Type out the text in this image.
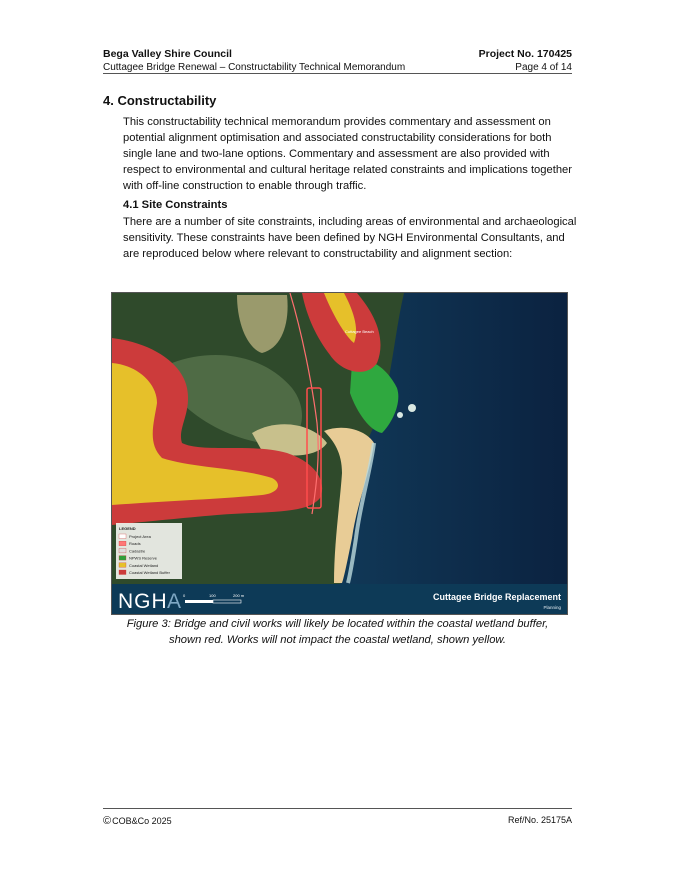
Bega Valley Shire Council	Project No. 170425
Cuttagee Bridge Renewal – Constructability Technical Memorandum	Page 4 of 14
4. Constructability

This constructability technical memorandum provides commentary and assessment on potential alignment optimisation and associated constructability considerations for both single lane and two-lane options. Commentary and assessment are also provided with respect to environmental and cultural heritage related constraints and implications together with off-line construction to enable through traffic.

4.1 Site Constraints

There are a number of site constraints, including areas of environmental and archaeological sensitivity. These constraints have been defined by NGH Environmental Consultants, and are reproduced below where relevant to constructability and alignment section:

Cuttagee Beach
LEGEND
Project Area
Roads
Cadastre
NPWS Reserve
Coastal Wetland
Coastal Wetland Buffer
NGH A 0	100	200 m	Cuttagee Bridge Replacement
Planning

Figure 3: Bridge and civil works will likely be located within the coastal wetland buffer, shown red. Works will not impact the coastal wetland, shown yellow.

© COB&Co 2025	Ref/No. 25175A
